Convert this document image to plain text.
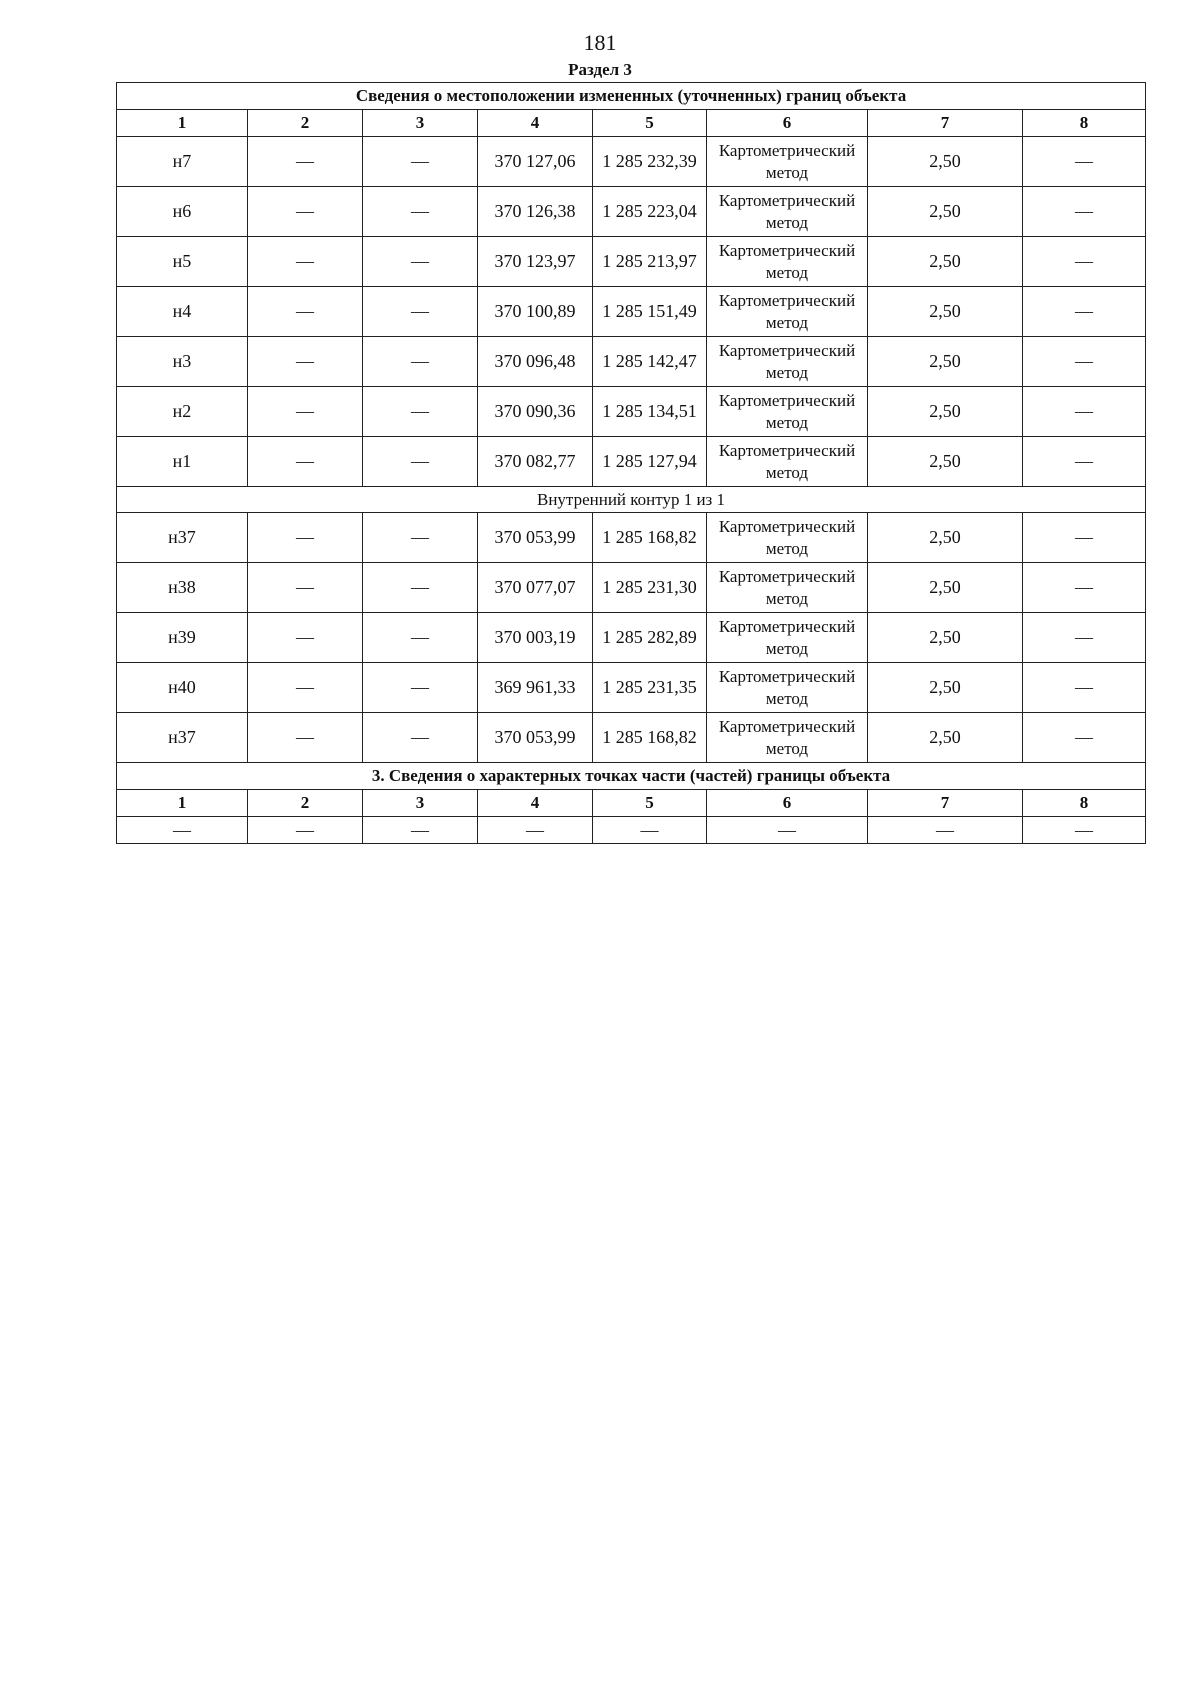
181
Раздел 3
Сведения о местоположении измененных (уточненных) границ объекта							
1	2	3	4	5	6	7	8
н7	—	—	370 127,06	1 285 232,39	Картометрический метод	2,50	—
н6	—	—	370 126,38	1 285 223,04	Картометрический метод	2,50	—
н5	—	—	370 123,97	1 285 213,97	Картометрический метод	2,50	—
н4	—	—	370 100,89	1 285 151,49	Картометрический метод	2,50	—
н3	—	—	370 096,48	1 285 142,47	Картометрический метод	2,50	—
н2	—	—	370 090,36	1 285 134,51	Картометрический метод	2,50	—
н1	—	—	370 082,77	1 285 127,94	Картометрический метод	2,50	—
Внутренний контур 1 из 1							
н37	—	—	370 053,99	1 285 168,82	Картометрический метод	2,50	—
н38	—	—	370 077,07	1 285 231,30	Картометрический метод	2,50	—
н39	—	—	370 003,19	1 285 282,89	Картометрический метод	2,50	—
н40	—	—	369 961,33	1 285 231,35	Картометрический метод	2,50	—
н37	—	—	370 053,99	1 285 168,82	Картометрический метод	2,50	—
3. Сведения о характерных точках части (частей) границы объекта							
1	2	3	4	5	6	7	8
—	—	—	—	—	—	—	—
